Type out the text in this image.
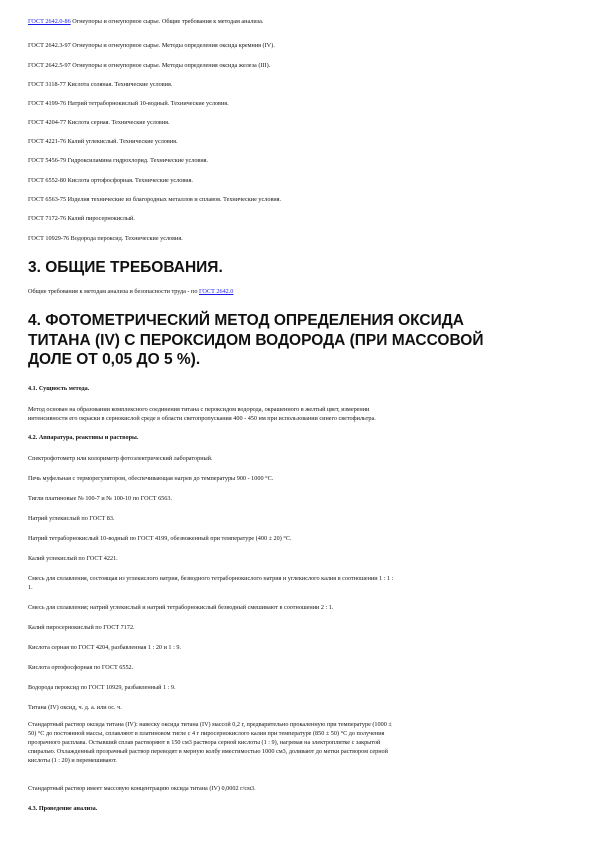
ГОСТ 2642.0-86 Огнеупоры и огнеупорное сырье. Общие требования к методам анализа.

ГОСТ 2642.3-97 Огнеупоры и огнеупорное сырье. Методы определения оксида кремния (IV).

ГОСТ 2642.5-97 Огнеупоры и огнеупорное сырье. Методы определения оксида железа (III).

ГОСТ 3118-77 Кислота соляная. Технические условия.

ГОСТ 4199-76 Натрий тетраборнокислый 10-водный. Технические условия.

ГОСТ 4204-77 Кислота серная. Технические условия.

ГОСТ 4221-76 Калий углекислый. Технические условия.

ГОСТ 5456-79 Гидроксиламина гидрохлорид. Технические условия.

ГОСТ 6552-80 Кислота ортофосфорная. Технические условия.

ГОСТ 6563-75 Изделия технические из благородных металлов и сплавов. Технические условия.

ГОСТ 7172-76 Калий пиросернокислый.

ГОСТ 10929-76 Водорода пероксид. Технические условия.

3. ОБЩИЕ ТРЕБОВАНИЯ.

Общие требования к методам анализа и безопасности труда - по ГОСТ 2642.0

4. ФОТОМЕТРИЧЕСКИЙ МЕТОД ОПРЕДЕЛЕНИЯ ОКСИДА
ТИТАНА (IV) С ПЕРОКСИДОМ ВОДОРОДА (ПРИ МАССОВОЙ
ДОЛЕ ОТ 0,05 ДО 5 %).

4.1. Сущность метода.

Метод основан на образовании комплексного соединения титана с пероксидом водорода, окрашенного в желтый цвет, измерении
интенсивности его окраски в сернокислой среде в области светопропускания 400 - 450 нм при использовании синего светофильтра.

4.2. Аппаратура, реактивы и растворы.

Спектрофотометр или колориметр фотоэлектрический лабораторный.

Печь муфельная с терморегулятором, обеспечивающая нагрев до температуры 900 - 1000 °С.

Тигли платиновые № 100-7 и № 100-10 по ГОСТ 6563.

Натрий углекислый по ГОСТ 83.

Натрий тетраборнокислый 10-водный по ГОСТ 4199, обезвоженный при температуре (400 ± 20) °С.

Калий углекислый по ГОСТ 4221.

Смесь для сплавления, состоящая из углекислого натрия, безводного тетраборнокислого натрия и углекислого калия в соотношении 1 : 1 :
1.

Смесь для сплавления; натрий углекислый и натрий тетраборнокислый безводный смешивают в соотношении 2 : 1.

Калий пиросернокислый по ГОСТ 7172.

Кислота серная по ГОСТ 4204, разбавленная 1 : 20 и 1 : 9.

Кислота ортофосфорная по ГОСТ 6552.

Водорода пероксид по ГОСТ 10929, разбавленный 1 : 9.

Титана (IV) оксид, ч. д. а. или ос. ч.

Стандартный раствор оксида титана (IV): навеску оксида титана (IV) массой 0,2 г, предварительно прокаленную при температуре (1000 ±
50) °С до постоянной массы, сплавляют в платиновом тигле с 4 г пиросернокислого калия при температуре (850 ± 50) °С до получения
прозрачного расплава. Остывший сплав растворяют в 150 см3 раствора серной кислоты (1 : 9), нагревая на электроплитке с закрытой
спиралью. Охлажденный прозрачный раствор переводят в мерную колбу вместимостью 1000 см3, доливают до метки раствором серной
кислоты (1 : 20) и перемешивают.

Стандартный раствор имеет массовую концентрацию оксида титана (IV) 0,0002 г/см3.

4.3. Проведение анализа.
